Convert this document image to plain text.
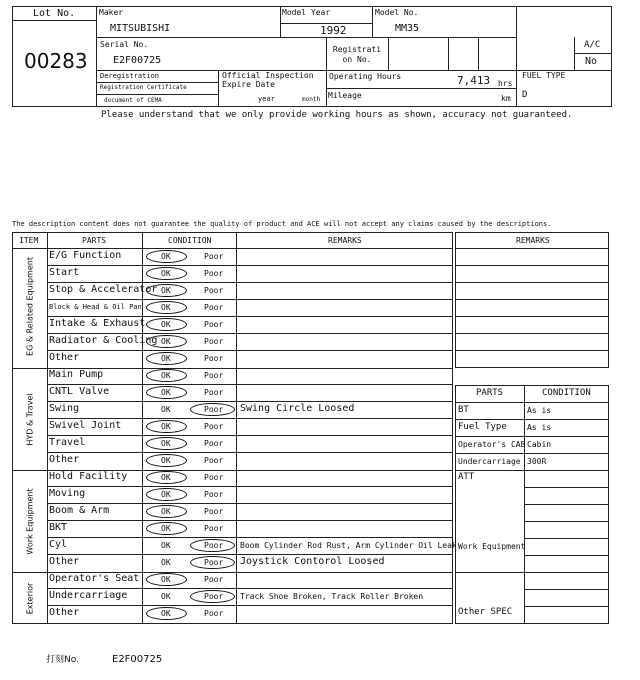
Lot No.
00283
Maker
MITSUBISHI
Model Year
1992
Model No.
MM35
Serial No.
E2F00725
Registrati on No.
A/C
No
Deregistration
Registration Certificate
document of CEMA
Official Inspection
Expire Date
year	month
Operating Hours	7,413 hrs
Mileage	km
FUEL TYPE
D
Please understand that we only provide working hours as shown, accuracy not guaranteed.
The description content does not guarantee the quality of product and ACE will not accept any claims caused by the descriptions.
ITEM	PARTS	CONDITION	REMARKS
EG & Related Equipment
HYD & Travel
Work Equipment
Exterior
E/G Function	OK	Poor
Start	OK	Poor
Stop & Accelerator OK	Poor
Block & Head & Oil Pan OK	Poor
Intake & Exhaust OK	Poor
Radiator & Cooling OK	Poor
Other	OK	Poor
Main Pump	OK	Poor
CNTL Valve	OK	Poor
Swing	OK	Poor Swing Circle Loosed
Swivel Joint	OK	Poor
Travel	OK	Poor
Other	OK	Poor
Hold Facility	OK	Poor
Moving	OK	Poor
Boom & Arm	OK	Poor
BKT	OK	Poor
Cyl	OK	Poor Boom Cylinder Rod Rust, Arm Cylinder Oil Leak
Other	OK	Poor Joystick Contorol Loosed
Operator's Seat	OK	Poor
Undercarriage	OK	Poor Track Shoe Broken, Track Roller Broken
Other	OK	Poor
REMARKS
PARTS	CONDITION
BT	As is
Fuel Type	As is
Operator's CAB Cabin
Undercarriage 300R
ATT
Work Equipment
Other SPEC
打刻No.	E2F00725
